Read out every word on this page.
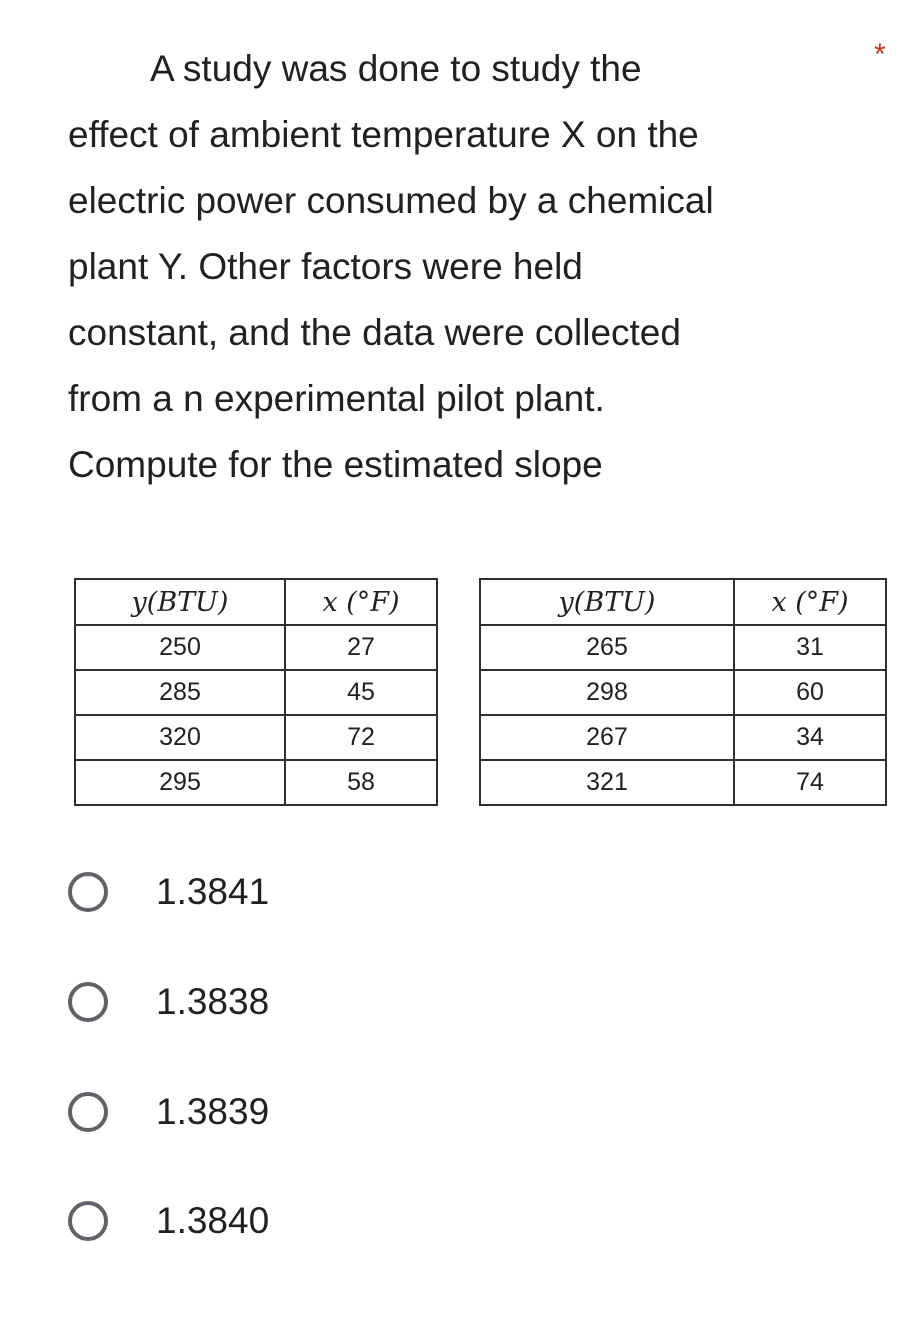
*
A study was done to study the
effect of ambient temperature X on the
electric power consumed by a chemical
plant Y. Other factors were held
constant, and the data were collected
from a n experimental pilot plant.
Compute for the estimated slope
y(BTU)	x (°F)
250	27
285	45
320	72
295	58
y(BTU)	x (°F)
265	31
298	60
267	34
321	74
1.3841
1.3838
1.3839
1.3840
